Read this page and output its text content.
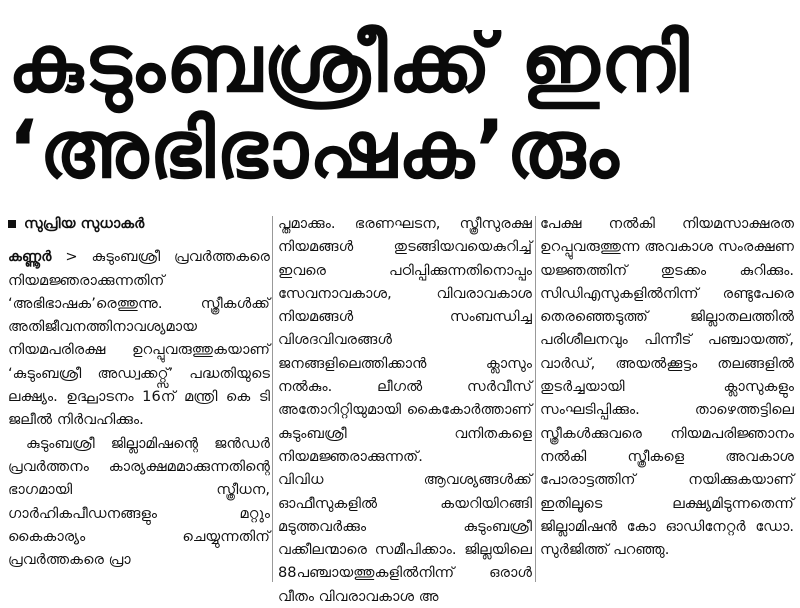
കുടുംബശ്രീക്ക് ഇനി
‘അഭിഭാഷക’രും

സുപ്രിയ സുധാകർ

കണ്ണൂർ > കുടുംബശ്രീ പ്രവർത്തകരെ നിയമജ്ഞരാക്കുന്നതിന് ‘അഭിഭാഷക’രെത്തുന്നു. സ്ത്രീകൾക്ക് അതിജീവനത്തിനാവശ്യമായ നിയമപരിരക്ഷ ഉറപ്പുവരുത്തുകയാണ് ‘കുടുംബശ്രീ അഡ്വക്കറ്റ്സ്’ പദ്ധതിയുടെ ലക്ഷ്യം. ഉദ്ഘാടനം 16ന് മന്ത്രി കെ ടി ജലീൽ നിർവഹിക്കും.

കുടുംബശ്രീ ജില്ലാമിഷന്റെ ജൻഡർ പ്രവർത്തനം കാര്യക്ഷമമാക്കുന്നതിന്റെ ഭാഗമായി സ്ത്രീധന, ഗാർഹികപീഡനങ്ങളും മറ്റും കൈകാര്യം ചെയ്യുന്നതിന് പ്രവർത്തകരെ പ്രാ

പ്തമാക്കും. ഭരണഘടന, സ്ത്രീസുരക്ഷ നിയമങ്ങൾ തുടങ്ങിയവയെകുറിച്ച് ഇവരെ പഠിപ്പിക്കുന്നതിനൊപ്പം സേവനാവകാശ, വിവരാവകാശ നിയമങ്ങൾ സംബന്ധിച്ച വിശദവിവരങ്ങൾ ജനങ്ങളിലെത്തിക്കാൻ ക്ലാസും നൽകും. ലീഗൽ സർവീസ് അതോറിറ്റിയുമായി കൈകോർത്താണ് കുടുംബശ്രീ വനിതകളെ നിയമജ്ഞരാക്കുന്നത്.

വിവിധ ആവശ്യങ്ങൾക്ക് ഓഫീസുകളിൽ കയറിയിറങ്ങി മടുത്തവർക്കും കുടുംബശ്രീ വക്കീലന്മാരെ സമീപിക്കാം. ജില്ലയിലെ 88പഞ്ചായത്തുകളിൽനിന്ന് ഒരാൾ വീതം വിവരാവകാശ അ

പേക്ഷ നൽകി നിയമസാക്ഷരത ഉറപ്പുവരുത്തുന്ന അവകാശ സംരക്ഷണ യജ്ഞത്തിന് തുടക്കം കുറിക്കും. സിഡിഎസുകളിൽനിന്ന് രണ്ടുപേരെ തെരഞ്ഞെടുത്ത് ജില്ലാതലത്തിൽ പരിശീലനവും പിന്നീട് പഞ്ചായത്ത്, വാർഡ്, അയൽക്കൂട്ടം തലങ്ങളിൽ തുടർച്ചയായി ക്ലാസുകളും സംഘടിപ്പിക്കും. താഴെത്തട്ടിലെ സ്ത്രീകൾക്കുവരെ നിയമപരിജ്ഞാനം നൽകി സ്ത്രീകളെ അവകാശ പോരാട്ടത്തിന് നയിക്കുകയാണ് ഇതിലൂടെ ലക്ഷ്യമിടുന്നതെന്ന് ജില്ലാമിഷൻ കോ ഓഡിനേറ്റർ ഡോ. സുർജിത്ത് പറഞ്ഞു.
